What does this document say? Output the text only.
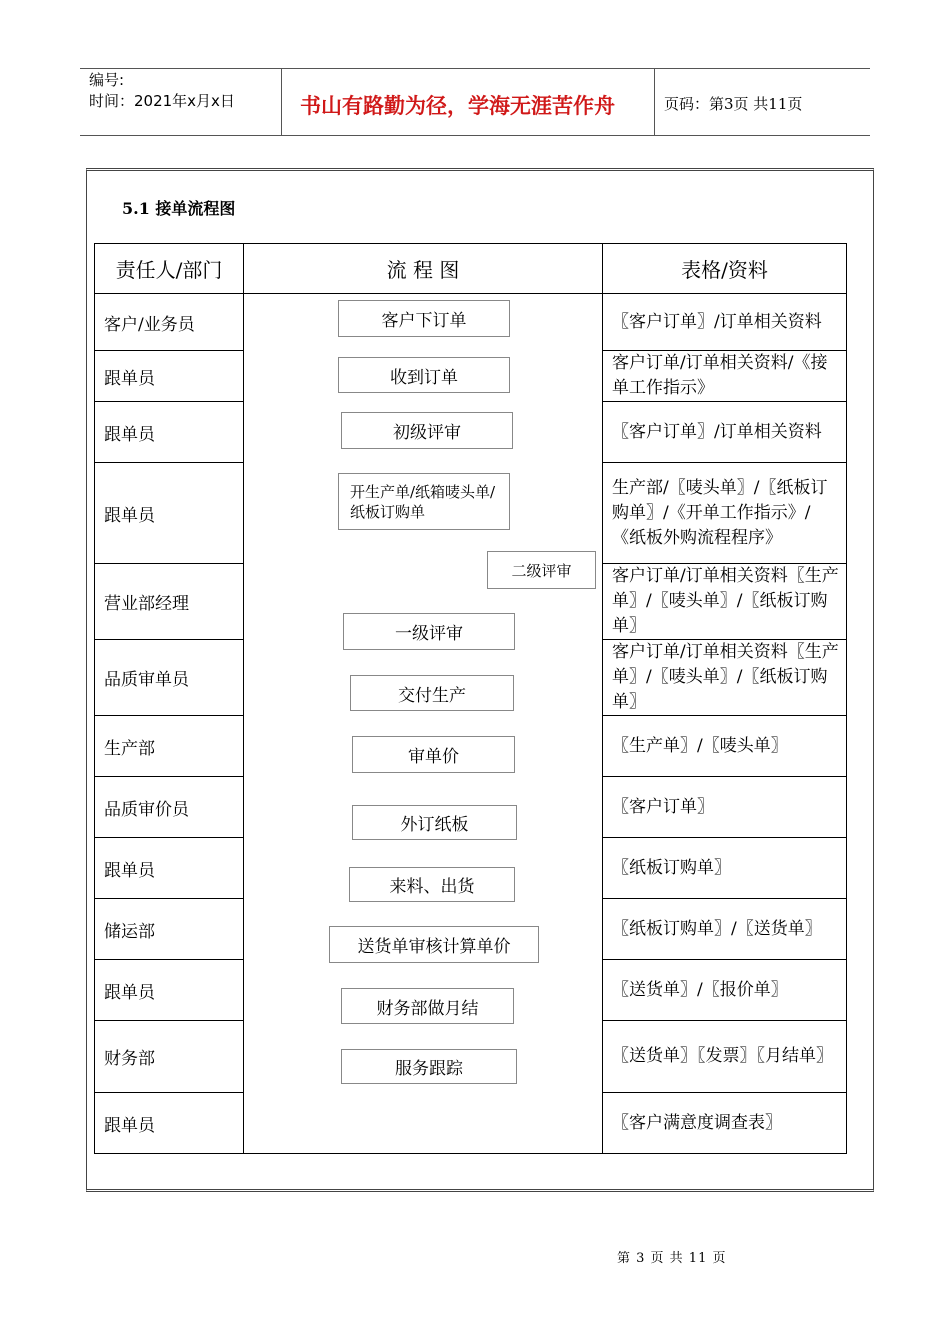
编号:
时间：2021年x月x日	书山有路勤为径，学海无涯苦作舟	页码：第3页 共11页
5.1 接单流程图
责任人/部门	流 程 图	表格/资料
客户/业务员		〖客户订单〗/订单相关资料
跟单员		客户订单/订单相关资料/《接单工作指示》
跟单员		〖客户订单〗/订单相关资料
跟单员		生产部/〖唛头单〗/〖纸板订购单〗/《开单工作指示》/《纸板外购流程程序》
营业部经理		客户订单/订单相关资料〖生产单〗/〖唛头单〗/〖纸板订购单〗
品质审单员		客户订单/订单相关资料〖生产单〗/〖唛头单〗/〖纸板订购单〗
生产部		〖生产单〗/〖唛头单〗
品质审价员		〖客户订单〗
跟单员		〖纸板订购单〗
储运部		〖纸板订购单〗/〖送货单〗
跟单员		〖送货单〗/〖报价单〗
财务部		〖送货单〗〖发票〗〖月结单〗
跟单员		〖客户满意度调查表〗
客户下订单
收到订单
初级评审
开生产单/纸箱唛头单/纸板订购单
二级评审
一级评审
交付生产
审单价
外订纸板
来料、出货
送货单审核计算单价
财务部做月结
服务跟踪
第 3 页 共 11 页
